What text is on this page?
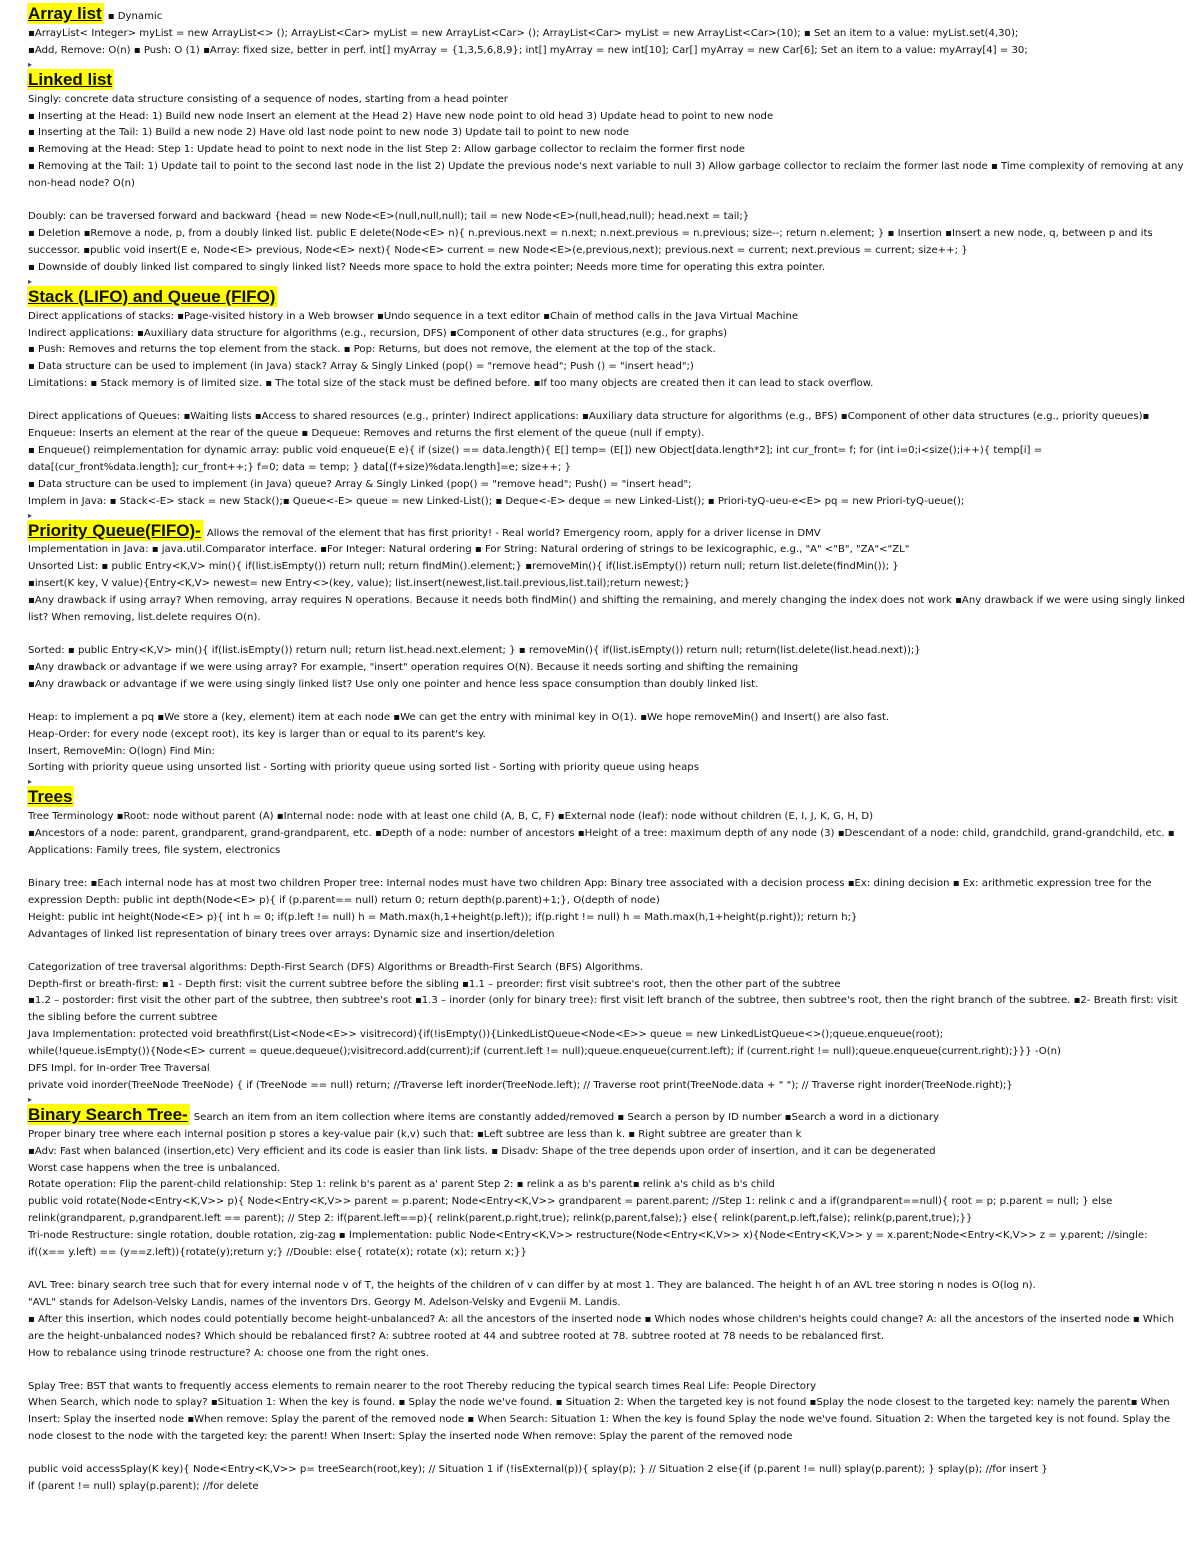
Array list ▪ Dynamic

▪ArrayList< Integer> myList = new ArrayList<> (); ArrayList<Car> myList = new ArrayList<Car> (); ArrayList<Car> myList = new ArrayList<Car>(10); ▪ Set an item to a value: myList.set(4,30);

▪Add, Remove: O(n) ▪ Push: O (1) ▪Array: fixed size, better in perf. int[] myArray = {1,3,5,6,8,9}; int[] myArray = new int[10]; Car[] myArray = new Car[6]; Set an item to a value: myArray[4] = 30;

▸
Linked list

Singly: concrete data structure consisting of a sequence of nodes, starting from a head pointer

▪ Inserting at the Head: 1) Build new node Insert an element at the Head 2) Have new node point to old head 3) Update head to point to new node

▪ Inserting at the Tail: 1) Build a new node 2) Have old last node point to new node 3) Update tail to point to new node

▪ Removing at the Head: Step 1: Update head to point to next node in the list Step 2: Allow garbage collector to reclaim the former first node

▪ Removing at the Tail: 1) Update tail to point to the second last node in the list 2) Update the previous node's next variable to null 3) Allow garbage collector to reclaim the former last node ▪ Time complexity of removing at any non-head node? O(n)

Doubly: can be traversed forward and backward {head = new Node<E>(null,null,null); tail = new Node<E>(null,head,null); head.next = tail;}

▪ Deletion ▪Remove a node, p, from a doubly linked list. public E delete(Node<E> n){ n.previous.next = n.next; n.next.previous = n.previous; size--; return n.element; } ▪ Insertion ▪Insert a new node, q, between p and its successor. ▪public void insert(E e, Node<E> previous, Node<E> next){ Node<E> current = new Node<E>(e,previous,next); previous.next = current; next.previous = current; size++; }

▪ Downside of doubly linked list compared to singly linked list? Needs more space to hold the extra pointer; Needs more time for operating this extra pointer.

▸
Stack (LIFO) and Queue (FIFO)

Direct applications of stacks: ▪Page-visited history in a Web browser ▪Undo sequence in a text editor ▪Chain of method calls in the Java Virtual Machine

Indirect applications: ▪Auxiliary data structure for algorithms (e.g., recursion, DFS) ▪Component of other data structures (e.g., for graphs)

▪ Push: Removes and returns the top element from the stack. ▪ Pop: Returns, but does not remove, the element at the top of the stack.

▪ Data structure can be used to implement (in Java) stack? Array & Singly Linked (pop() = "remove head"; Push () = "insert head";)

Limitations: ▪ Stack memory is of limited size. ▪ The total size of the stack must be defined before. ▪If too many objects are created then it can lead to stack overflow.

Direct applications of Queues: ▪Waiting lists ▪Access to shared resources (e.g., printer) Indirect applications: ▪Auxiliary data structure for algorithms (e.g., BFS) ▪Component of other data structures (e.g., priority queues)▪ Enqueue: Inserts an element at the rear of the queue ▪ Dequeue: Removes and returns the first element of the queue (null if empty).

▪ Enqueue() reimplementation for dynamic array: public void enqueue(E e){ if (size() == data.length){ E[] temp= (E[]) new Object[data.length*2]; int cur_front= f; for (int i=0;i<size();i++){ temp[i] = data[(cur_front%data.length]; cur_front++;} f=0; data = temp; } data[(f+size)%data.length]=e; size++; }

▪ Data structure can be used to implement (in Java) queue? Array & Singly Linked (pop() = "remove head"; Push() = "insert head";

Implem in Java: ▪ Stack<-E> stack = new Stack();▪ Queue<-E> queue = new Linked-List(); ▪ Deque<-E> deque = new Linked-List(); ▪ Priori-tyQ-ueu-e<E> pq = new Priori-tyQ-ueue();

▸
Priority Queue(FIFO)- Allows the removal of the element that has first priority! - Real world? Emergency room, apply for a driver license in DMV

Implementation in Java: ▪ java.util.Comparator interface. ▪For Integer: Natural ordering ▪ For String: Natural ordering of strings to be lexicographic, e.g., "A" <"B", "ZA"<"ZL"

Unsorted List: ▪ public Entry<K,V> min(){ if(list.isEmpty()) return null; return findMin().element;} ▪removeMin(){ if(list.isEmpty()) return null; return list.delete(findMin()); }

▪insert(K key, V value){Entry<K,V> newest= new Entry<>(key, value); list.insert(newest,list.tail.previous,list.tail);return newest;}

▪Any drawback if using array? When removing, array requires N operations. Because it needs both findMin() and shifting the remaining, and merely changing the index does not work ▪Any drawback if we were using singly linked list? When removing, list.delete requires O(n).

Sorted: ▪ public Entry<K,V> min(){ if(list.isEmpty()) return null; return list.head.next.element; } ▪ removeMin(){ if(list.isEmpty()) return null; return(list.delete(list.head.next));}

▪Any drawback or advantage if we were using array? For example, "insert" operation requires O(N). Because it needs sorting and shifting the remaining

▪Any drawback or advantage if we were using singly linked list? Use only one pointer and hence less space consumption than doubly linked list.

Heap: to implement a pq ▪We store a (key, element) item at each node ▪We can get the entry with minimal key in O(1). ▪We hope removeMin() and Insert() are also fast.

Heap-Order: for every node (except root), its key is larger than or equal to its parent's key.

Insert, RemoveMin: O(logn) Find Min:

Sorting with priority queue using unsorted list - Sorting with priority queue using sorted list - Sorting with priority queue using heaps

▸
Trees

Tree Terminology ▪Root: node without parent (A) ▪Internal node: node with at least one child (A, B, C, F) ▪External node (leaf): node without children (E, I, J, K, G, H, D)

▪Ancestors of a node: parent, grandparent, grand-grandparent, etc. ▪Depth of a node: number of ancestors ▪Height of a tree: maximum depth of any node (3) ▪Descendant of a node: child, grandchild, grand-grandchild, etc. ▪ Applications: Family trees, file system, electronics

Binary tree: ▪Each internal node has at most two children Proper tree: Internal nodes must have two children App: Binary tree associated with a decision process ▪Ex: dining decision ▪ Ex: arithmetic expression tree for the expression Depth: public int depth(Node<E> p){ if (p.parent== null) return 0; return depth(p.parent)+1;}, O(depth of node)

Height: public int height(Node<E> p){ int h = 0; if(p.left != null) h = Math.max(h,1+height(p.left)); if(p.right != null) h = Math.max(h,1+height(p.right)); return h;}

Advantages of linked list representation of binary trees over arrays: Dynamic size and insertion/deletion

Categorization of tree traversal algorithms: Depth-First Search (DFS) Algorithms or Breadth-First Search (BFS) Algorithms.

Depth-first or breath-first: ▪1 - Depth first: visit the current subtree before the sibling ▪1.1 – preorder: first visit subtree's root, then the other part of the subtree

▪1.2 – postorder: first visit the other part of the subtree, then subtree's root ▪1.3 – inorder (only for binary tree): first visit left branch of the subtree, then subtree's root, then the right branch of the subtree. ▪2- Breath first: visit the sibling before the current subtree

Java Implementation: protected void breathfirst(List<Node<E>> visitrecord){if(!isEmpty()){LinkedListQueue<Node<E>> queue = new LinkedListQueue<>();queue.enqueue(root);

while(!queue.isEmpty()){Node<E> current = queue.dequeue();visitrecord.add(current);if (current.left != null);queue.enqueue(current.left); if (current.right != null);queue.enqueue(current.right);}}} -O(n)

DFS Impl. for In-order Tree Traversal

private void inorder(TreeNode TreeNode) { if (TreeNode == null) return; //Traverse left inorder(TreeNode.left); // Traverse root print(TreeNode.data + " "); // Traverse right inorder(TreeNode.right);}

▸
Binary Search Tree- Search an item from an item collection where items are constantly added/removed ▪ Search a person by ID number ▪Search a word in a dictionary

Proper binary tree where each internal position p stores a key-value pair (k,v) such that: ▪Left subtree are less than k. ▪ Right subtree are greater than k

▪Adv: Fast when balanced (insertion,etc) Very efficient and its code is easier than link lists. ▪ Disadv: Shape of the tree depends upon order of insertion, and it can be degenerated

Worst case happens when the tree is unbalanced.

Rotate operation: Flip the parent-child relationship: Step 1: relink b's parent as a' parent Step 2: ▪ relink a as b's parent▪ relink a's child as b's child

public void rotate(Node<Entry<K,V>> p){ Node<Entry<K,V>> parent = p.parent; Node<Entry<K,V>> grandparent = parent.parent; //Step 1: relink c and a if(grandparent==null){ root = p; p.parent = null; } else relink(grandparent, p,grandparent.left == parent); // Step 2: if(parent.left==p){ relink(parent,p.right,true); relink(p,parent,false);} else{ relink(parent,p.left,false); relink(p,parent,true);}}

Tri-node Restructure: single rotation, double rotation, zig-zag ▪ Implementation: public Node<Entry<K,V>> restructure(Node<Entry<K,V>> x){Node<Entry<K,V>> y = x.parent;Node<Entry<K,V>> z = y.parent; //single: if((x== y.left) == (y==z.left)){rotate(y);return y;} //Double: else{ rotate(x); rotate (x); return x;}}

AVL Tree: binary search tree such that for every internal node v of T, the heights of the children of v can differ by at most 1. They are balanced. The height h of an AVL tree storing n nodes is O(log n).

"AVL" stands for Adelson-Velsky Landis, names of the inventors Drs. Georgy M. Adelson-Velsky and Evgenii M. Landis.

▪ After this insertion, which nodes could potentially become height-unbalanced? A: all the ancestors of the inserted node ▪ Which nodes whose children's heights could change? A: all the ancestors of the inserted node ▪ Which are the height-unbalanced nodes? Which should be rebalanced first? A: subtree rooted at 44 and subtree rooted at 78. subtree rooted at 78 needs to be rebalanced first.

How to rebalance using trinode restructure? A: choose one from the right ones.

Splay Tree: BST that wants to frequently access elements to remain nearer to the root Thereby reducing the typical search times Real Life: People Directory

When Search, which node to splay? ▪Situation 1: When the key is found. ▪ Splay the node we've found. ▪ Situation 2: When the targeted key is not found ▪Splay the node closest to the targeted key: namely the parent▪ When Insert: Splay the inserted node ▪When remove: Splay the parent of the removed node ▪ When Search: Situation 1: When the key is found Splay the node we've found. Situation 2: When the targeted key is not found. Splay the node closest to the node with the targeted key: the parent! When Insert: Splay the inserted node When remove: Splay the parent of the removed node

public void accessSplay(K key){ Node<Entry<K,V>> p= treeSearch(root,key); // Situation 1 if (!isExternal(p)){ splay(p); } // Situation 2 else{if (p.parent != null) splay(p.parent); } splay(p); //for insert }

if (parent != null) splay(p.parent); //for delete
